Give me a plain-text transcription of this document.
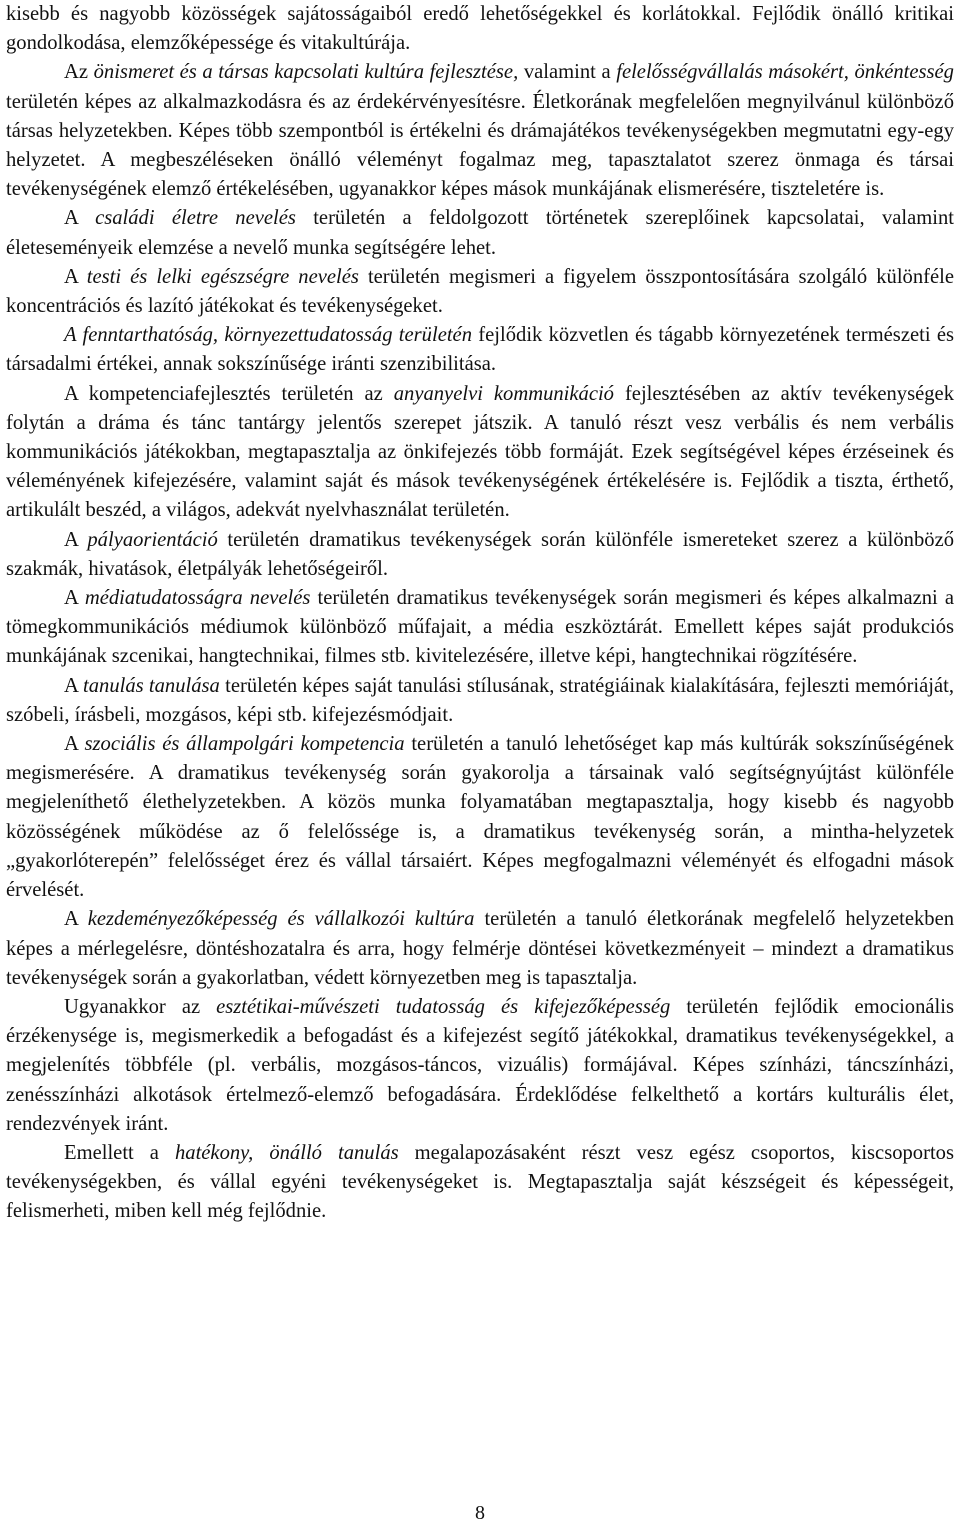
kisebb és nagyobb közösségek sajátosságaiból eredő lehetőségekkel és korlátokkal. Fejlődik önálló kritikai gondolkodása, elemzőképessége és vitakultúrája.

Az önismeret és a társas kapcsolati kultúra fejlesztése, valamint a felelősségvállalás másokért, önkéntesség területén képes az alkalmazkodásra és az érdekérvényesítésre. Életkorának megfelelően megnyilvánul különböző társas helyzetekben. Képes több szempontból is értékelni és drámajátékos tevékenységekben megmutatni egy-egy helyzetet. A megbeszéléseken önálló véleményt fogalmaz meg, tapasztalatot szerez önmaga és társai tevékenységének elemző értékelésében, ugyanakkor képes mások munkájának elismerésére, tiszteletére is.

A családi életre nevelés területén a feldolgozott történetek szereplőinek kapcsolatai, valamint életeseményeik elemzése a nevelő munka segítségére lehet.

A testi és lelki egészségre nevelés területén megismeri a figyelem összpontosítására szolgáló különféle koncentrációs és lazító játékokat és tevékenységeket.

A fenntarthatóság, környezettudatosság területén fejlődik közvetlen és tágabb környezetének természeti és társadalmi értékei, annak sokszínűsége iránti szenzibilitása.

A kompetenciafejlesztés területén az anyanyelvi kommunikáció fejlesztésében az aktív tevékenységek folytán a dráma és tánc tantárgy jelentős szerepet játszik. A tanuló részt vesz verbális és nem verbális kommunikációs játékokban, megtapasztalja az önkifejezés több formáját. Ezek segítségével képes érzéseinek és véleményének kifejezésére, valamint saját és mások tevékenységének értékelésére is. Fejlődik a tiszta, érthető, artikulált beszéd, a világos, adekvát nyelvhasználat területén.

A pályaorientáció területén dramatikus tevékenységek során különféle ismereteket szerez a különböző szakmák, hivatások, életpályák lehetőségeiről.

A médiatudatosságra nevelés területén dramatikus tevékenységek során megismeri és képes alkalmazni a tömegkommunikációs médiumok különböző műfajait, a média eszköztárát. Emellett képes saját produkciós munkájának szcenikai, hangtechnikai, filmes stb. kivitelezésére, illetve képi, hangtechnikai rögzítésére.

A tanulás tanulása területén képes saját tanulási stílusának, stratégiáinak kialakítására, fejleszti memóriáját, szóbeli, írásbeli, mozgásos, képi stb. kifejezésmódjait.

A szociális és állampolgári kompetencia területén a tanuló lehetőséget kap más kultúrák sokszínűségének megismerésére. A dramatikus tevékenység során gyakorolja a társainak való segítségnyújtást különféle megjeleníthető élethelyzetekben. A közös munka folyamatában megtapasztalja, hogy kisebb és nagyobb közösségének működése az ő felelőssége is, a dramatikus tevékenység során, a mintha-helyzetek „gyakorlóterepén” felelősséget érez és vállal társaiért. Képes megfogalmazni véleményét és elfogadni mások érvelését.

A kezdeményezőképesség és vállalkozói kultúra területén a tanuló életkorának megfelelő helyzetekben képes a mérlegelésre, döntéshozatalra és arra, hogy felmérje döntései következményeit – mindezt a dramatikus tevékenységek során a gyakorlatban, védett környezetben meg is tapasztalja.

Ugyanakkor az esztétikai-művészeti tudatosság és kifejezőképesség területén fejlődik emocionális érzékenysége is, megismerkedik a befogadást és a kifejezést segítő játékokkal, dramatikus tevékenységekkel, a megjelenítés többféle (pl. verbális, mozgásos-táncos, vizuális) formájával. Képes színházi, táncszínházi, zenésszínházi alkotások értelmező-elemző befogadására. Érdeklődése felkelthető a kortárs kulturális élet, rendezvények iránt.

Emellett a hatékony, önálló tanulás megalapozásaként részt vesz egész csoportos, kiscsoportos tevékenységekben, és vállal egyéni tevékenységeket is. Megtapasztalja saját készségeit és képességeit, felismerheti, miben kell még fejlődnie.

8
